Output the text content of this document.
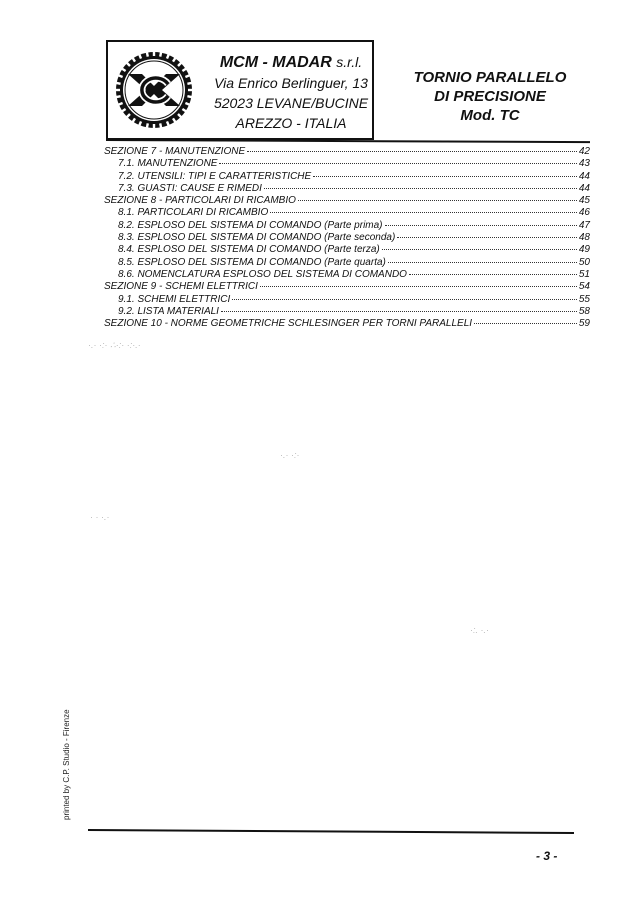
MCM - MADAR s.r.l.
Via Enrico Berlinguer, 13
52023 LEVANE/BUCINE
AREZZO - ITALIA
TORNIO PARALLELO
DI PRECISIONE
Mod. TC
SEZIONE 7 - MANUTENZIONE	42
7.1. MANUTENZIONE	43
7.2. UTENSILI: TIPI E CARATTERISTICHE	44
7.3. GUASTI: CAUSE E RIMEDI	44
SEZIONE 8 - PARTICOLARI DI RICAMBIO	45
8.1. PARTICOLARI DI RICAMBIO	46
8.2. ESPLOSO DEL SISTEMA DI COMANDO (Parte prima)	47
8.3. ESPLOSO DEL SISTEMA DI COMANDO (Parte seconda)	48
8.4. ESPLOSO DEL SISTEMA DI COMANDO (Parte terza)	49
8.5. ESPLOSO DEL SISTEMA DI COMANDO (Parte quarta)	50
8.6. NOMENCLATURA ESPLOSO DEL SISTEMA DI COMANDO	51
SEZIONE 9 - SCHEMI ELETTRICI	54
9.1. SCHEMI ELETTRICI	55
9.2. LISTA MATERIALI	58
SEZIONE 10 - NORME GEOMETRICHE SCHLESINGER PER TORNI PARALLELI	59
·.· ·:· ∴·:· ·:·.·
·.· ·:·
· · ·.·
·:. ·.·
printed by C.P. Studio - Firenze
- 3 -
